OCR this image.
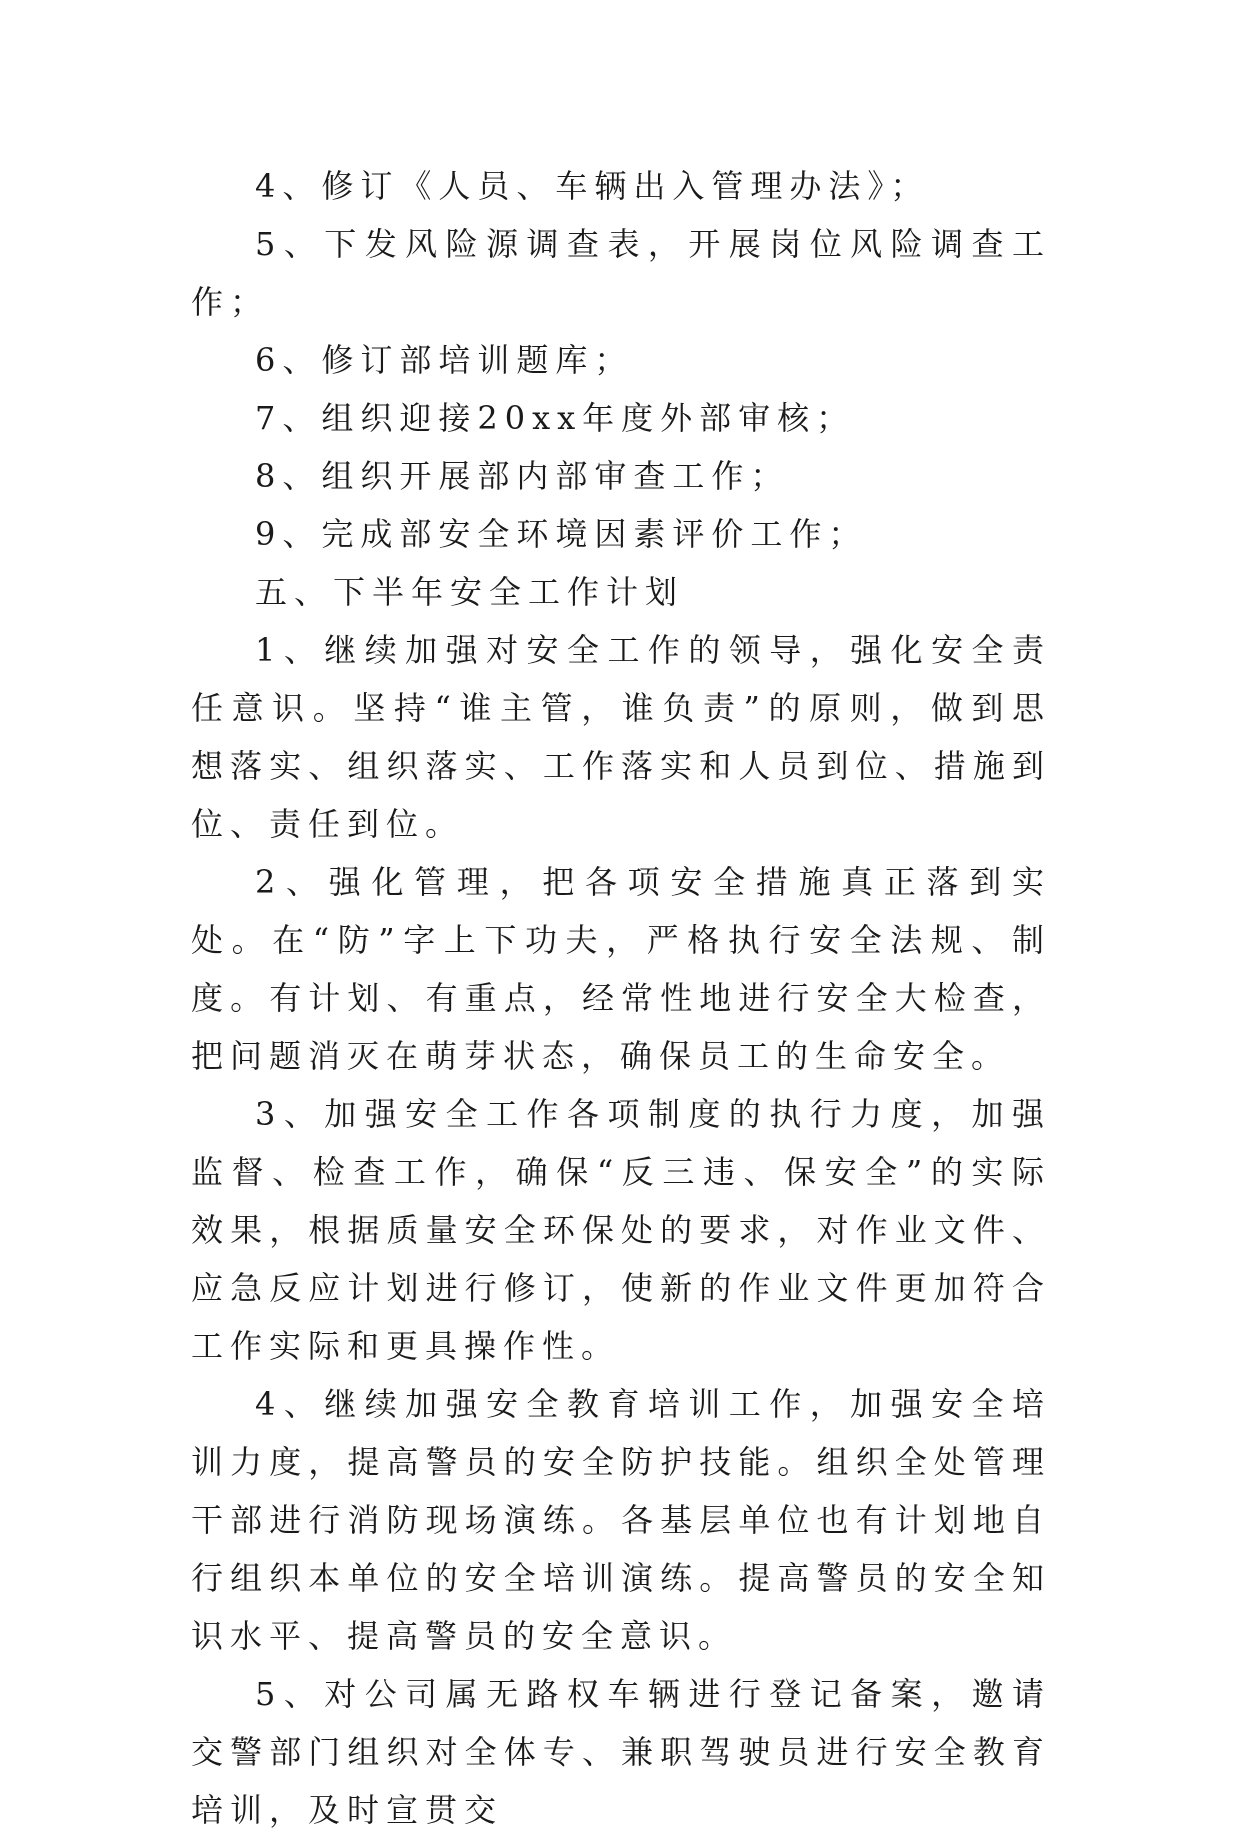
4、修订《人员、车辆出入管理办法》；

5、下发风险源调查表，开展岗位风险调查工作；

6、修订部培训题库；

7、组织迎接20xx年度外部审核；

8、组织开展部内部审查工作；

9、完成部安全环境因素评价工作；

五、下半年安全工作计划

1、继续加强对安全工作的领导，强化安全责任意识。坚持“谁主管，谁负责”的原则，做到思想落实、组织落实、工作落实和人员到位、措施到位、责任到位。

2、强化管理，把各项安全措施真正落到实处。在“防”字上下功夫，严格执行安全法规、制度。有计划、有重点，经常性地进行安全大检查，把问题消灭在萌芽状态，确保员工的生命安全。

3、加强安全工作各项制度的执行力度，加强监督、检查工作，确保“反三违、保安全”的实际效果，根据质量安全环保处的要求，对作业文件、应急反应计划进行修订，使新的作业文件更加符合工作实际和更具操作性。

4、继续加强安全教育培训工作，加强安全培训力度，提高警员的安全防护技能。组织全处管理干部进行消防现场演练。各基层单位也有计划地自行组织本单位的安全培训演练。提高警员的安全知识水平、提高警员的安全意识。

5、对公司属无路权车辆进行登记备案，邀请交警部门组织对全体专、兼职驾驶员进行安全教育培训，及时宣贯交
